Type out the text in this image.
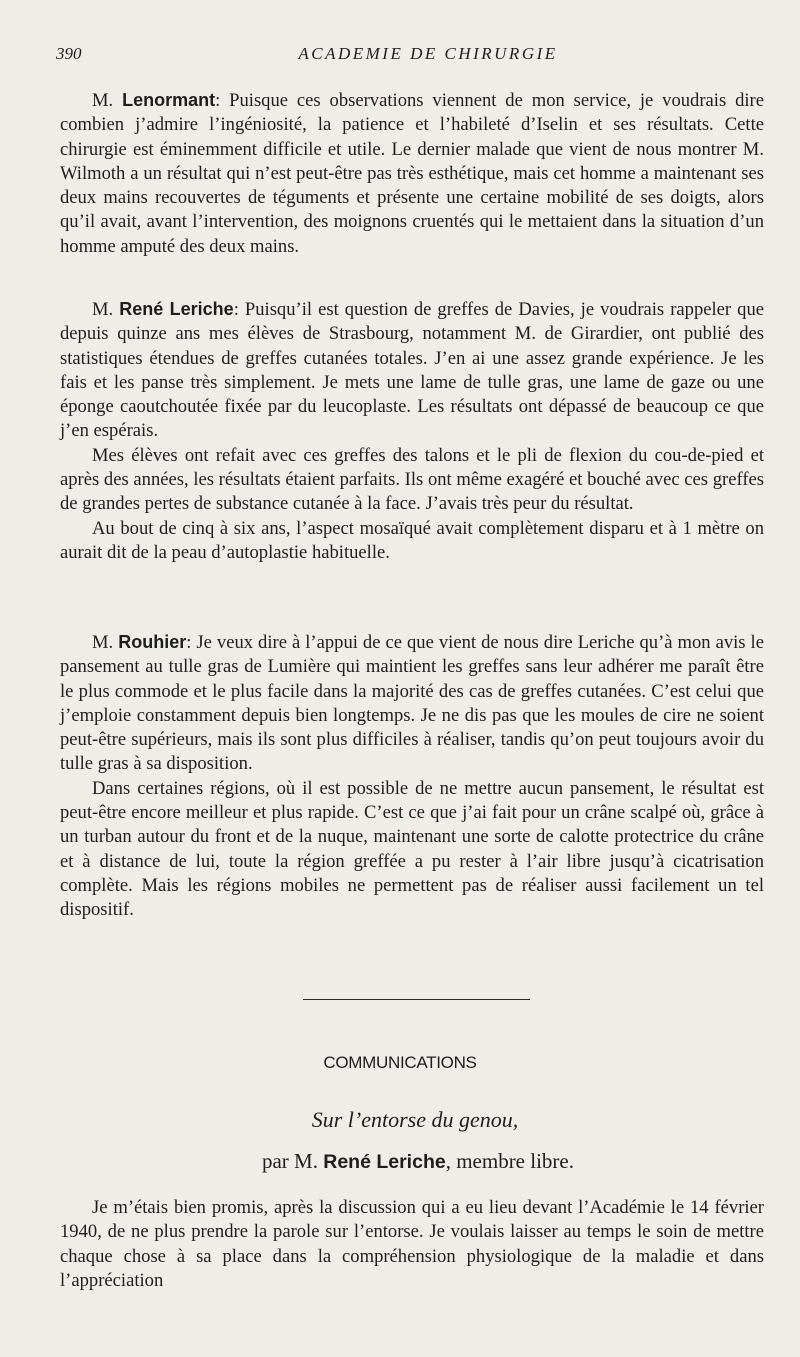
390	ACADEMIE DE CHIRURGIE

M. Lenormant: Puisque ces observations viennent de mon service, je voudrais dire combien j’admire l’ingéniosité, la patience et l’habileté d’Iselin et ses résultats. Cette chirurgie est éminemment difficile et utile. Le dernier malade que vient de nous montrer M. Wilmoth a un résultat qui n’est peut-être pas très esthétique, mais cet homme a maintenant ses deux mains recouvertes de téguments et présente une certaine mobilité de ses doigts, alors qu’il avait, avant l’intervention, des moignons cruentés qui le mettaient dans la situation d’un homme amputé des deux mains.

M. René Leriche: Puisqu’il est question de greffes de Davies, je voudrais rappeler que depuis quinze ans mes élèves de Strasbourg, notamment M. de Girardier, ont publié des statistiques étendues de greffes cutanées totales. J’en ai une assez grande expérience. Je les fais et les panse très simplement. Je mets une lame de tulle gras, une lame de gaze ou une éponge caoutchoutée fixée par du leucoplaste. Les résultats ont dépassé de beaucoup ce que j’en espérais.

Mes élèves ont refait avec ces greffes des talons et le pli de flexion du cou-de-pied et après des années, les résultats étaient parfaits. Ils ont même exagéré et bouché avec ces greffes de grandes pertes de substance cutanée à la face. J’avais très peur du résultat.

Au bout de cinq à six ans, l’aspect mosaïqué avait complètement disparu et à 1 mètre on aurait dit de la peau d’autoplastie habituelle.

M. Rouhier: Je veux dire à l’appui de ce que vient de nous dire Leriche qu’à mon avis le pansement au tulle gras de Lumière qui maintient les greffes sans leur adhérer me paraît être le plus commode et le plus facile dans la majorité des cas de greffes cutanées. C’est celui que j’emploie constamment depuis bien longtemps. Je ne dis pas que les moules de cire ne soient peut-être supérieurs, mais ils sont plus difficiles à réaliser, tandis qu’on peut toujours avoir du tulle gras à sa disposition.

Dans certaines régions, où il est possible de ne mettre aucun pansement, le résultat est peut-être encore meilleur et plus rapide. C’est ce que j’ai fait pour un crâne scalpé où, grâce à un turban autour du front et de la nuque, maintenant une sorte de calotte protectrice du crâne et à distance de lui, toute la région greffée a pu rester à l’air libre jusqu’à cicatrisation complète. Mais les régions mobiles ne permettent pas de réaliser aussi facilement un tel dispositif.

COMMUNICATIONS
Sur l’entorse du genou,
par M. René Leriche, membre libre.

Je m’étais bien promis, après la discussion qui a eu lieu devant l’Académie le 14 février 1940, de ne plus prendre la parole sur l’entorse. Je voulais laisser au temps le soin de mettre chaque chose à sa place dans la compréhension physiologique de la maladie et dans l’appréciation
